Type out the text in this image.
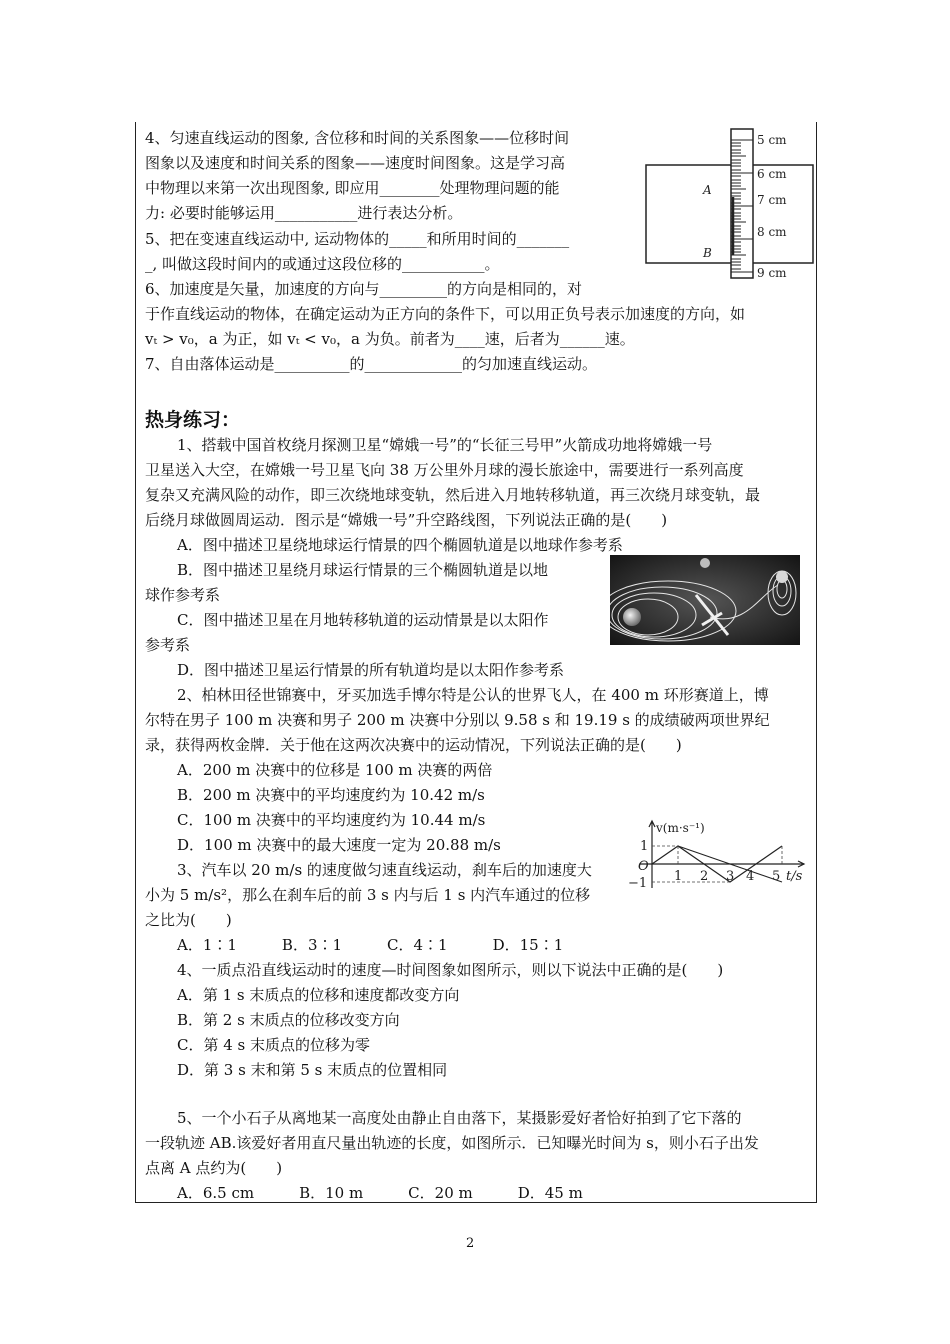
4、匀速直线运动的图象, 含位移和时间的关系图象——位移时间
图象以及速度和时间关系的图象——速度时间图象。这是学习高
中物理以来第一次出现图象, 即应用________处理物理问题的能
力: 必要时能够运用___________进行表达分析。
5、把在变速直线运动中, 运动物体的_____和所用时间的_______
_, 叫做这段时间内的或通过这段位移的___________。
6、加速度是矢量，加速度的方向与_________的方向是相同的，对
于作直线运动的物体，在确定运动为正方向的条件下，可以用正负号表示加速度的方向，如
vₜ > v₀，a 为正，如 vₜ < v₀，a 为负。前者为____速，后者为______速。
7、自由落体运动是__________的_____________的匀加速直线运动。
5 cm
6 cm
7 cm
8 cm
9 cm
A
B
热身练习：
1、搭载中国首枚绕月探测卫星“嫦娥一号”的“长征三号甲”火箭成功地将嫦娥一号
卫星送入大空，在嫦娥一号卫星飞向 38 万公里外月球的漫长旅途中，需要进行一系列高度
复杂又充满风险的动作，即三次绕地球变轨，然后进入月地转移轨道，再三次绕月球变轨，最
后绕月球做圆周运动．图示是“嫦娥一号”升空路线图，下列说法正确的是(　　)
A．图中描述卫星绕地球运行情景的四个椭圆轨道是以地球作参考系
B．图中描述卫星绕月球运行情景的三个椭圆轨道是以地
球作参考系
C．图中描述卫星在月地转移轨道的运动情景是以太阳作
参考系
D．图中描述卫星运行情景的所有轨道均是以太阳作参考系
2、柏林田径世锦赛中，牙买加选手博尔特是公认的世界飞人，在 400 m 环形赛道上，博
尔特在男子 100 m 决赛和男子 200 m 决赛中分别以 9.58 s 和 19.19 s 的成绩破两项世界纪
录，获得两枚金牌．关于他在这两次决赛中的运动情况，下列说法正确的是(　　)
A．200 m 决赛中的位移是 100 m 决赛的两倍
B．200 m 决赛中的平均速度约为 10.42 m/s
C．100 m 决赛中的平均速度约为 10.44 m/s
D．100 m 决赛中的最大速度一定为 20.88 m/s
v(m·s⁻¹)
t/s
O
1
−1 1 2 3 4 5
3、汽车以 20 m/s 的速度做匀速直线运动，刹车后的加速度大
小为 5 m/s²，那么在刹车后的前 3 s 内与后 1 s 内汽车通过的位移
之比为(　　)
A．1∶1　　　B．3∶1　　　C．4∶1　　　D．15∶1
4、一质点沿直线运动时的速度—时间图象如图所示，则以下说法中正确的是(　　)
A．第 1 s 末质点的位移和速度都改变方向
B．第 2 s 末质点的位移改变方向
C．第 4 s 末质点的位移为零
D．第 3 s 末和第 5 s 末质点的位置相同
5、一个小石子从离地某一高度处由静止自由落下，某摄影爱好者恰好拍到了它下落的
一段轨迹 AB.该爱好者用直尺量出轨迹的长度，如图所示．已知曝光时间为 s，则小石子出发
点离 A 点约为(　　)
A．6.5 cm　　　B．10 m　　　C．20 m　　　D．45 m
2
